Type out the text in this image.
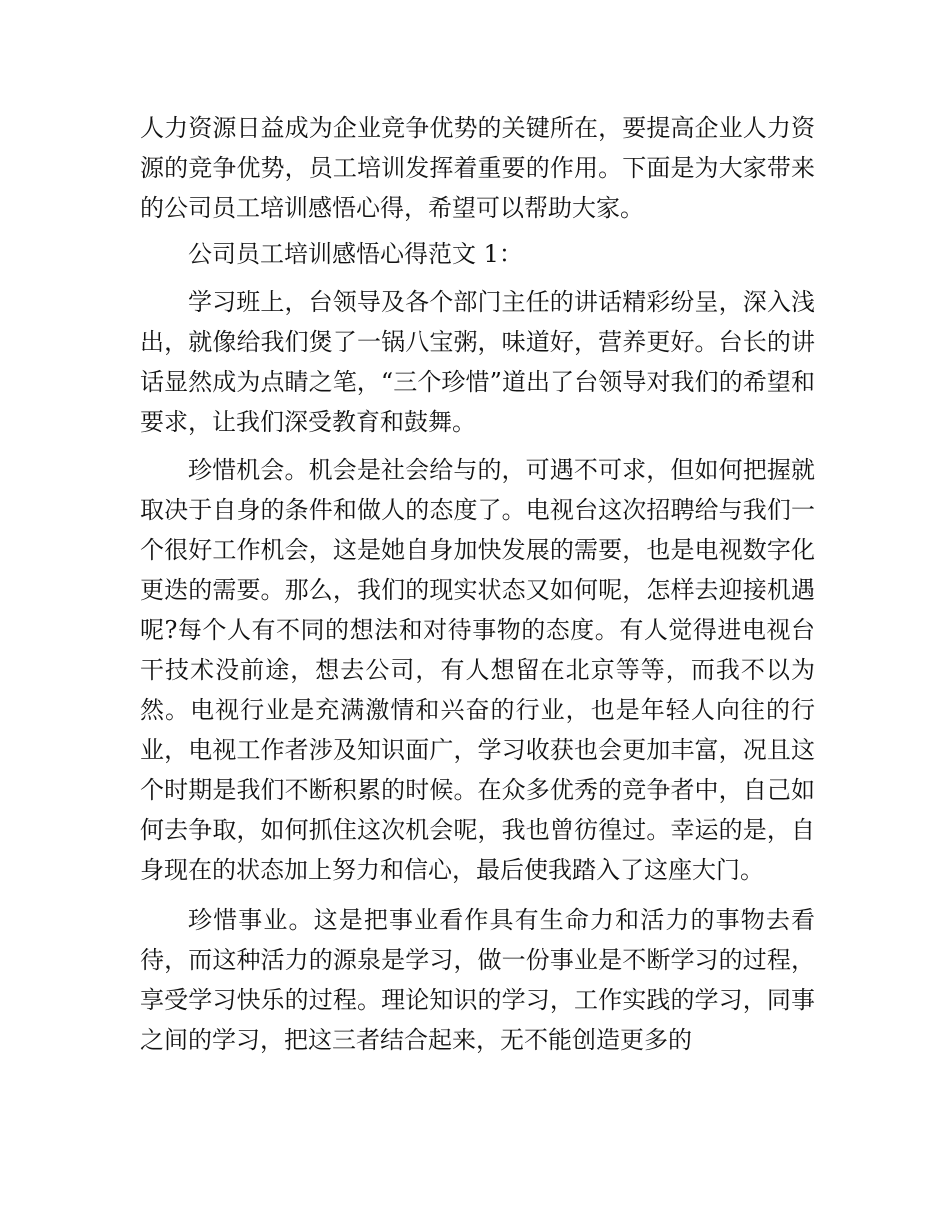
人力资源日益成为企业竞争优势的关键所在，要提高企业人力资源的竞争优势，员工培训发挥着重要的作用。下面是为大家带来的公司员工培训感悟心得，希望可以帮助大家。

公司员工培训感悟心得范文 1：

学习班上，台领导及各个部门主任的讲话精彩纷呈，深入浅出，就像给我们煲了一锅八宝粥，味道好，营养更好。台长的讲话显然成为点睛之笔，“三个珍惜”道出了台领导对我们的希望和要求，让我们深受教育和鼓舞。

珍惜机会。机会是社会给与的，可遇不可求，但如何把握就取决于自身的条件和做人的态度了。电视台这次招聘给与我们一个很好工作机会，这是她自身加快发展的需要，也是电视数字化更迭的需要。那么，我们的现实状态又如何呢，怎样去迎接机遇呢?每个人有不同的想法和对待事物的态度。有人觉得进电视台干技术没前途，想去公司，有人想留在北京等等，而我不以为然。电视行业是充满激情和兴奋的行业，也是年轻人向往的行业，电视工作者涉及知识面广，学习收获也会更加丰富，况且这个时期是我们不断积累的时候。在众多优秀的竞争者中，自己如何去争取，如何抓住这次机会呢，我也曾彷徨过。幸运的是，自身现在的状态加上努力和信心，最后使我踏入了这座大门。

珍惜事业。这是把事业看作具有生命力和活力的事物去看待，而这种活力的源泉是学习，做一份事业是不断学习的过程，享受学习快乐的过程。理论知识的学习，工作实践的学习，同事之间的学习，把这三者结合起来，无不能创造更多的
